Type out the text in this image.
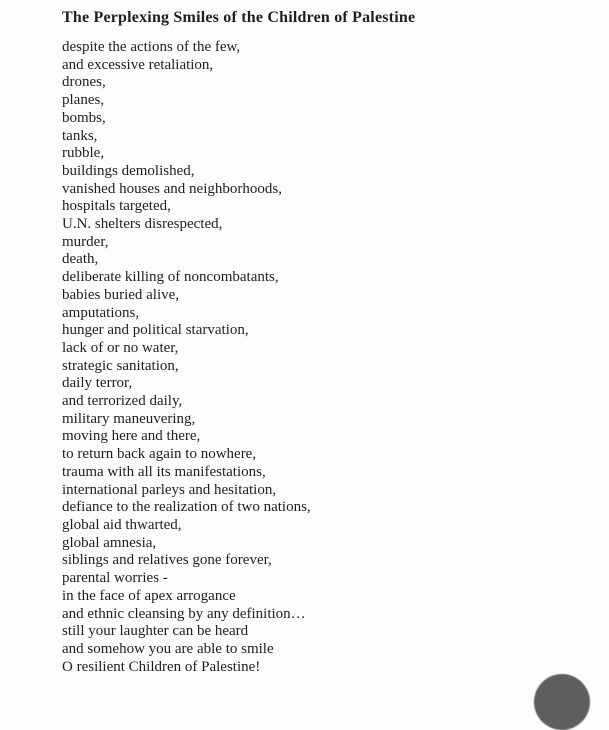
The Perplexing Smiles of the Children of Palestine
despite the actions of the few,
and excessive retaliation,
drones,
planes,
bombs,
tanks,
rubble,
buildings demolished,
vanished houses and neighborhoods,
hospitals targeted,
U.N. shelters disrespected,
murder,
death,
deliberate killing of noncombatants,
babies buried alive,
amputations,
hunger and political starvation,
lack of or no water,
strategic sanitation,
daily terror,
and terrorized daily,
military maneuvering,
moving here and there,
to return back again to nowhere,
trauma with all its manifestations,
international parleys and hesitation,
defiance to the realization of two nations,
global aid thwarted,
global amnesia,
siblings and relatives gone forever,
parental worries -
in the face of apex arrogance
and ethnic cleansing by any definition…
still your laughter can be heard
and somehow you are able to smile
O resilient Children of Palestine!
